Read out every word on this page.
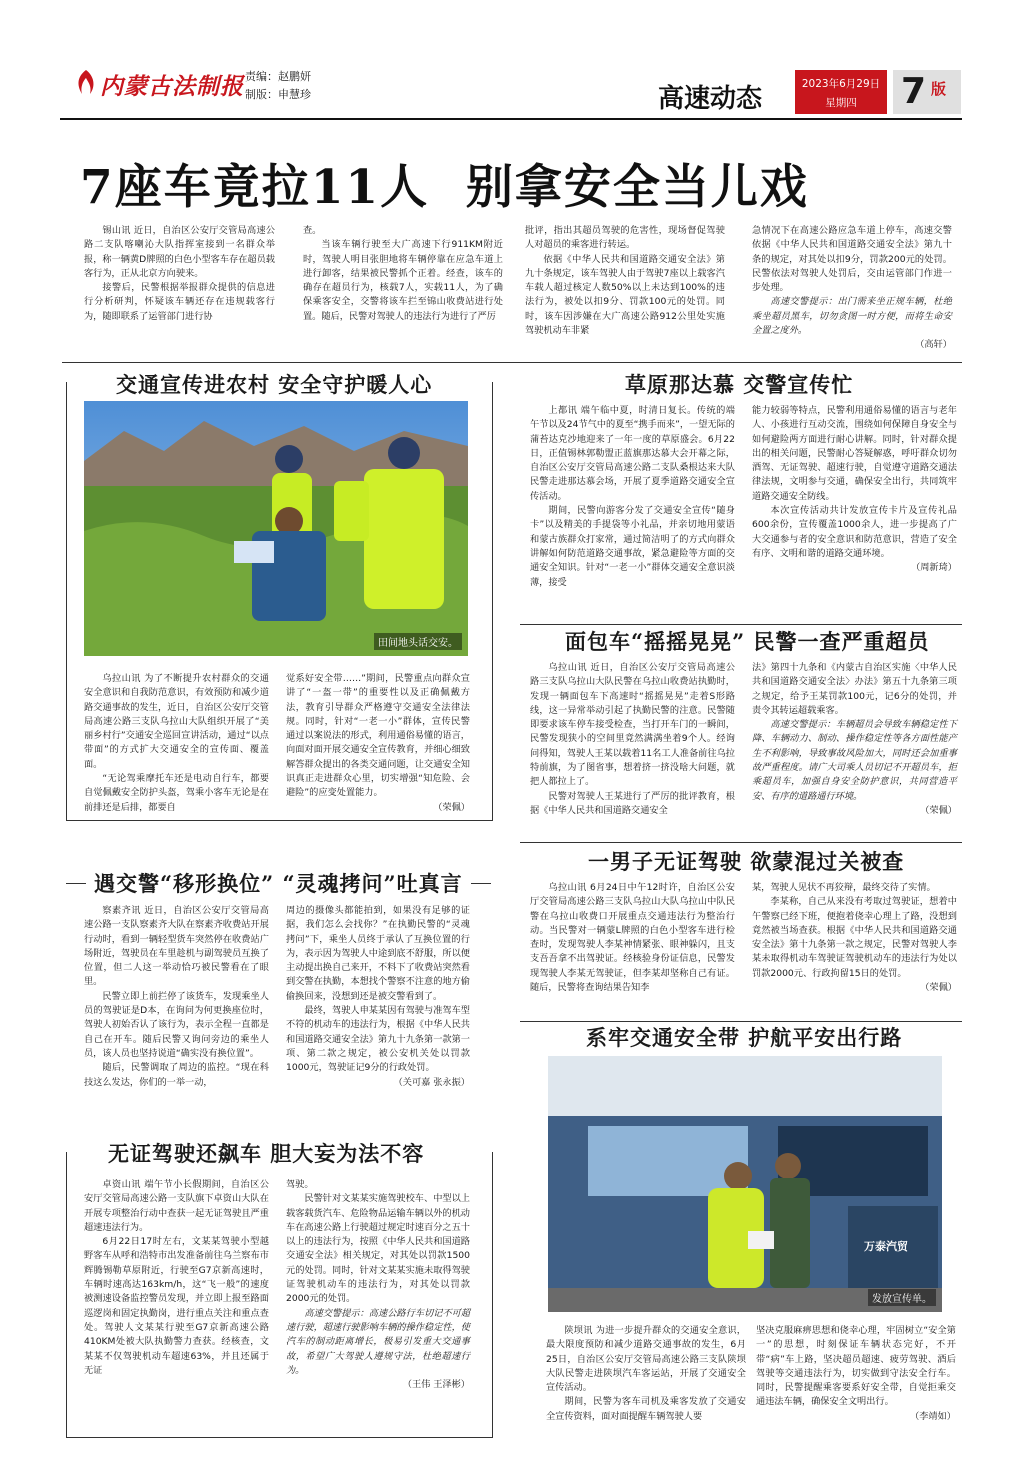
内蒙古法制报 责编：赵鹏妍
制版：申慧珍	高速动态	2023年6月29日
星期四	7 版
7座车竟拉11人  别拿安全当儿戏

锡山讯 近日，自治区公安厅交管局高速公路二支队喀喇沁大队指挥室接到一名群众举报，称一辆黄D牌照的白色小型客车存在超员载客行为，正从北京方向驶来。

接警后，民警根据举报群众提供的信息进行分析研判，怀疑该车辆还存在违规载客行为，随即联系了运管部门进行协

查。

当该车辆行驶至大广高速下行911KM附近时，驾驶人明目张胆地将车辆停靠在应急车道上进行卸客，结果被民警抓个正着。经查，该车的确存在超员行为，核载7人，实载11人，为了确保乘客安全，交警将该车拦至锦山收费站进行处置。随后，民警对驾驶人的违法行为进行了严厉

批评，指出其超员驾驶的危害性，现场督促驾驶人对超员的乘客进行转运。

依据《中华人民共和国道路交通安全法》第九十条规定，该车驾驶人由于驾驶7座以上载客汽车载人超过核定人数50%以上未达到100%的违法行为，被处以扣9分、罚款100元的处罚。同时，该车因涉嫌在大广高速公路912公里处实施驾驶机动车非紧

急情况下在高速公路应急车道上停车，高速交警依据《中华人民共和国道路交通安全法》第九十条的规定，对其处以扣9分，罚款200元的处罚。民警依法对驾驶人处罚后，交由运管部门作进一步处理。

高速交警提示：出门需来坐正规车辆，杜绝乘坐超员黑车，切勿贪图一时方便，而将生命安全置之度外。

（高轩）
交通宣传进农村 安全守护暖人心
田间地头话交安。

乌拉山讯 为了不断提升农村群众的交通安全意识和自我防范意识，有效预防和减少道路交通事故的发生，近日，自治区公安厅交管局高速公路三支队乌拉山大队组织开展了“美丽乡村行”交通安全巡回宣讲活动，通过“以点带面”的方式扩大交通安全的宣传面、覆盖面。

“无论驾乘摩托车还是电动自行车，都要自觉佩戴安全防护头盔，驾乘小客车无论是在前排还是后排，都要自

觉系好安全带……”期间，民警重点向群众宣讲了“一盔一带”的重要性以及正确佩戴方法，教育引导群众严格遵守交通安全法律法规。同时，针对“一老一小”群体，宣传民警通过以案说法的形式，利用通俗易懂的语言，向面对面开展交通安全宣传教育，并细心细致解答群众提出的各类交通问题，让交通安全知识真正走进群众心里，切实增强“知危险、会避险”的应变处置能力。

（荣佩）
草原那达慕 交警宣传忙

上都讯 端午临中夏，时清日复长。传统的端午节以及24节气中的夏至“携手而来”，一望无际的蒲苔达克沙地迎来了一年一度的草原盛会。6月22日，正值锡林郭勒盟正蓝旗那达慕大会开幕之际，自治区公安厅交管局高速公路二支队桑根达来大队民警走进那达慕会场，开展了夏季道路交通安全宣传活动。

期间，民警向游客分发了交通安全宣传“随身卡”以及精美的手提袋等小礼品，并亲切地用蒙语和蒙古族群众打家常，通过简洁明了的方式向群众讲解如何防范道路交通事故，紧急避险等方面的交通安全知识。针对“一老一小”群体交通安全意识淡薄，接受

能力较弱等特点，民警利用通俗易懂的语言与老年人、小孩进行互动交流，围绕如何保障自身安全与如何避险两方面进行耐心讲解。同时，针对群众提出的相关问题，民警耐心答疑解惑，呼吁群众切勿酒驾、无证驾驶、超速行驶，自觉遵守道路交通法律法规，文明参与交通，确保安全出行，共同筑牢道路交通安全防线。

本次宣传活动共计发放宣传卡片及宣传礼品600余份，宣传覆盖1000余人，进一步提高了广大交通参与者的安全意识和防范意识，营造了安全有序、文明和谐的道路交通环境。

（周新琦）
面包车“摇摇晃晃” 民警一查严重超员

乌拉山讯 近日，自治区公安厅交管局高速公路三支队乌拉山大队民警在乌拉山收费站执勤时，发现一辆面包车下高速时“摇摇晃晃”走着S形路线，这一异常举动引起了执勤民警的注意。民警随即要求该车停车接受检查，当打开车门的一瞬间，民警发现狭小的空间里竟然满满坐着9个人。经询问得知，驾驶人王某以载着11名工人准备前往乌拉特前旗，为了图省事，想着挤一挤没啥大问题，就把人都拉上了。

民警对驾驶人王某进行了严厉的批评教育，根据《中华人民共和国道路交通安全

法》第四十九条和《内蒙古自治区实施〈中华人民共和国道路交通安全法〉办法》第五十九条第三项之规定，给予王某罚款100元，记6分的处罚，并责令其转运超载乘客。

高速交警提示：车辆超员会导致车辆稳定性下降、车辆动力、制动、操作稳定性等各方面性能产生不利影响，导致事故风险加大，同时还会加重事故严重程度。请广大司乘人员切记不开超员车，拒乘超员车，加强自身安全防护意识，共同营造平安、有序的道路通行环境。

（荣佩）
一男子无证驾驶 欲蒙混过关被查

乌拉山讯 6月24日中午12时许，自治区公安厅交管局高速公路三支队乌拉山大队乌拉山中队民警在乌拉山收费口开展重点交通违法行为整治行动。当民警对一辆蒙L牌照的白色小型客车进行检查时，发现驾驶人李某神情紧张、眼神躲闪，且支支吾吾拿不出驾驶证。经核验身份证信息，民警发现驾驶人李某无驾驶证，但李某却坚称自己有证。随后，民警将查询结果告知李

某，驾驶人见状不再狡辩，最终交待了实情。

李某称，自己从来没有考取过驾驶证，想着中午警察已经下班，便抱着侥幸心理上了路，没想到竟然被当场查获。根据《中华人民共和国道路交通安全法》第十九条第一款之规定，民警对驾驶人李某未取得机动车驾驶证驾驶机动车的违法行为处以罚款2000元、行政拘留15日的处罚。

（荣佩）
遇交警“移形换位” “灵魂拷问”吐真言

察素齐讯 近日，自治区公安厅交管局高速公路一支队察素齐大队在察素齐收费站开展行动时，看到一辆轻型货车突然停在收费站广场附近，驾驶员在车里趁机与副驾驶员互换了位置，但二人这一举动恰巧被民警看在了眼里。

民警立即上前拦停了该货车，发现乘坐人员的驾驶证是D本，在询问为何更换座位时，驾驶人初始否认了该行为，表示全程一直都是自己在开车。随后民警又询问旁边的乘坐人员，该人员也坚持说道“确实没有换位置”。

随后，民警调取了周边的监控。“现在科技这么发达，你们的一举一动，

周边的摄像头都能拍到，如果没有足够的证据，我们怎么会找你？”在执勤民警的“灵魂拷问”下，乘坐人员终于承认了互换位置的行为，表示因为驾驶人中途到底不舒服，所以便主动提出换自己来开，不料下了收费站突然看到交警在执勤，本想找个警察不注意的地方偷偷换回来，没想到还是被交警看到了。

最终，驾驶人申某某因有驾驶与准驾车型不符的机动车的违法行为，根据《中华人民共和国道路交通安全法》第九十九条第一款第一项、第二款之规定，被公安机关处以罚款1000元，驾驶证记9分的行政处罚。

（关可嘉 张永振）
无证驾驶还飙车 胆大妄为法不容

卓资山讯 端午节小长假期间，自治区公安厅交管局高速公路一支队旗下卓资山大队在开展专项整治行动中查获一起无证驾驶且严重超速违法行为。

6月22日17时左右，文某某驾驶小型越野客车从呼和浩特市出发准备前往乌兰察布市辉腾锡勒草原附近，行驶至G7京新高速时，车辆时速高达163km/h，这“飞一般”的速度被测速设备监控警员发现，并立即上报至路面巡逻岗和固定执勤岗，进行重点关注和重点查处。驾驶人文某某行驶至G7京新高速公路410KM处被大队执勤警力查获。经核查，文某某不仅驾驶机动车超速63%，并且还属于无证

驾驶。

民警针对文某某实施驾驶校车、中型以上载客载货汽车、危险物品运输车辆以外的机动车在高速公路上行驶超过规定时速百分之五十以上的违法行为，按照《中华人民共和国道路交通安全法》相关规定，对其处以罚款1500元的处罚。同时，针对文某某实施未取得驾驶证驾驶机动车的违法行为，对其处以罚款2000元的处罚。

高速交警提示：高速公路行车切记不可超速行驶，超速行驶影响车辆的操作稳定性，使汽车的制动距离增长，极易引发重大交通事故，希望广大驾驶人遵规守法，杜绝超速行为。

（王伟 王泽彬）
系牢交通安全带 护航平安出行路
万泰汽贸
发放宣传单。

陕坝讯 为进一步提升群众的交通安全意识，最大限度预防和减少道路交通事故的发生，6月25日，自治区公安厅交管局高速公路三支队陕坝大队民警走进陕坝汽车客运站，开展了交通安全宣传活动。

期间，民警为客车司机及乘客发放了交通安全宣传资料，面对面提醒车辆驾驶人要

坚决克服麻痹思想和侥幸心理，牢固树立“安全第一”的思想，时刻保证车辆状态完好，不开带“病”车上路，坚决超员超速、疲劳驾驶、酒后驾驶等交通违法行为，切实做到守法安全行车。同时，民警提醒乘客要系好安全带，自觉拒乘交通违法车辆，确保安全文明出行。

（李靖如）
